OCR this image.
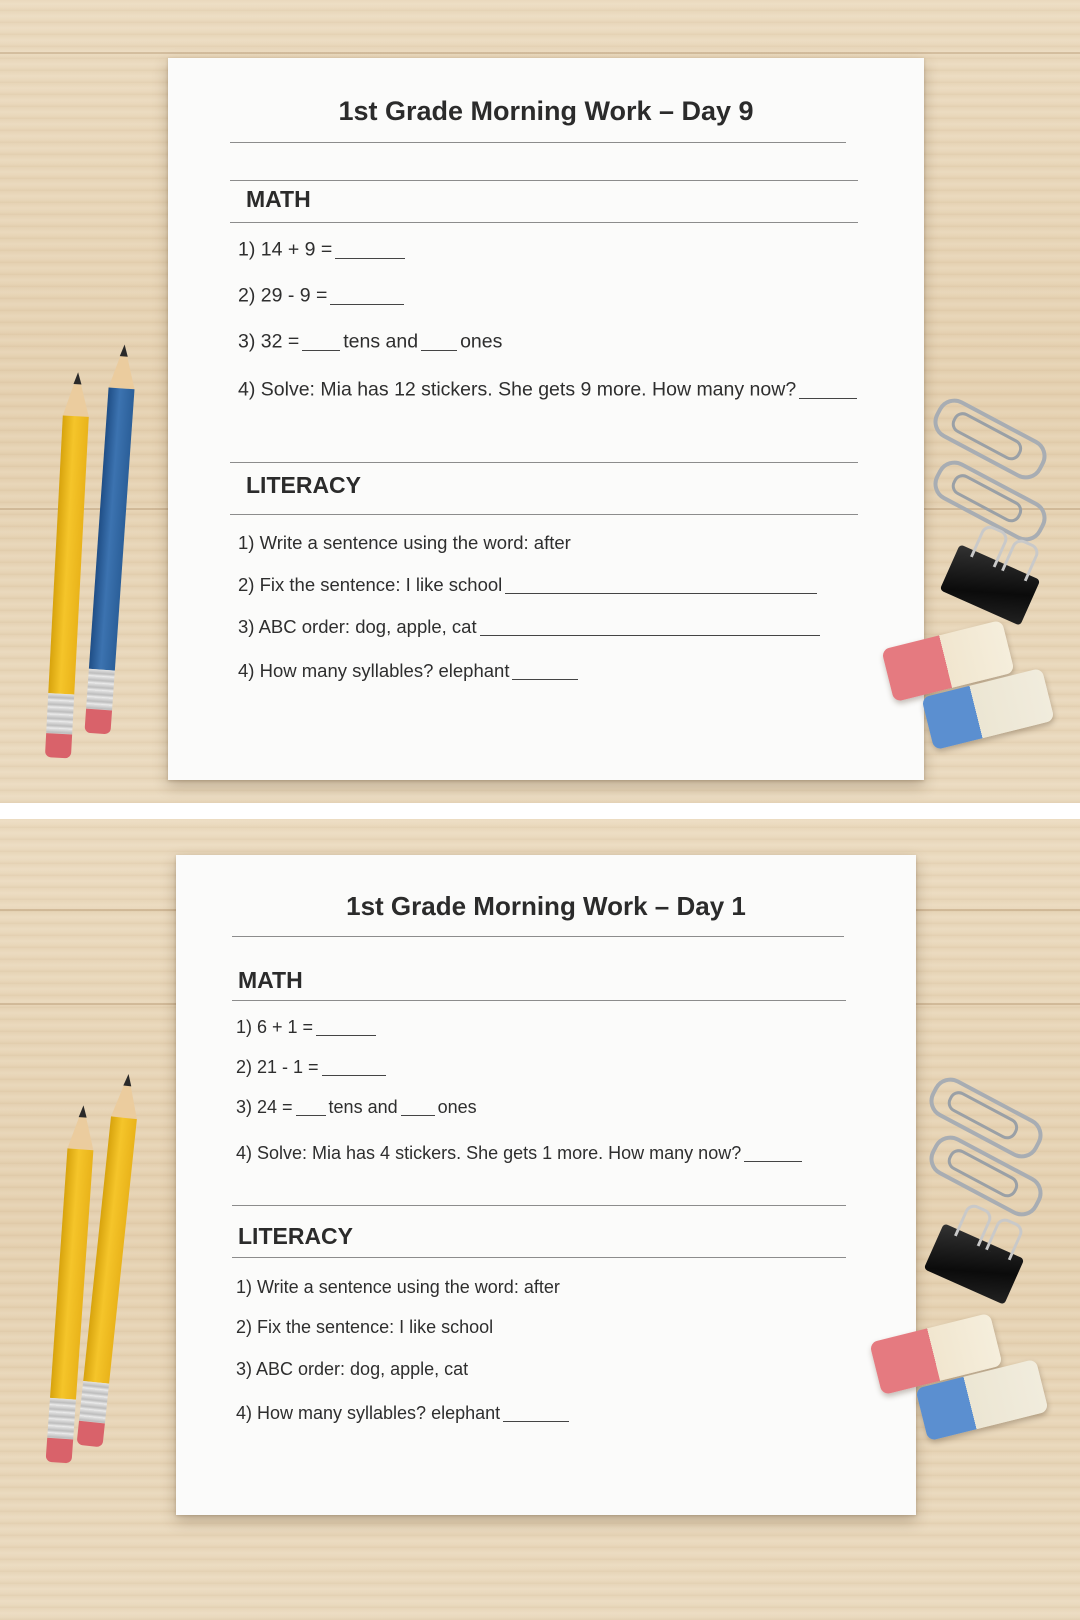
1st Grade Morning Work – Day 9
MATH
1) 14 + 9 =
2) 29 - 9 =
3) 32 = tens and ones
4) Solve: Mia has 12 stickers. She gets 9 more. How many now?
LITERACY
1) Write a sentence using the word: after
2) Fix the sentence: I like school
3) ABC order: dog, apple, cat
4) How many syllables? elephant
1st Grade Morning Work – Day 1
MATH
1) 6 + 1 =
2) 21 - 1 =
3) 24 = tens and ones
4) Solve: Mia has 4 stickers. She gets 1 more. How many now?
LITERACY
1) Write a sentence using the word: after
2) Fix the sentence: I like school
3) ABC order: dog, apple, cat
4) How many syllables? elephant
